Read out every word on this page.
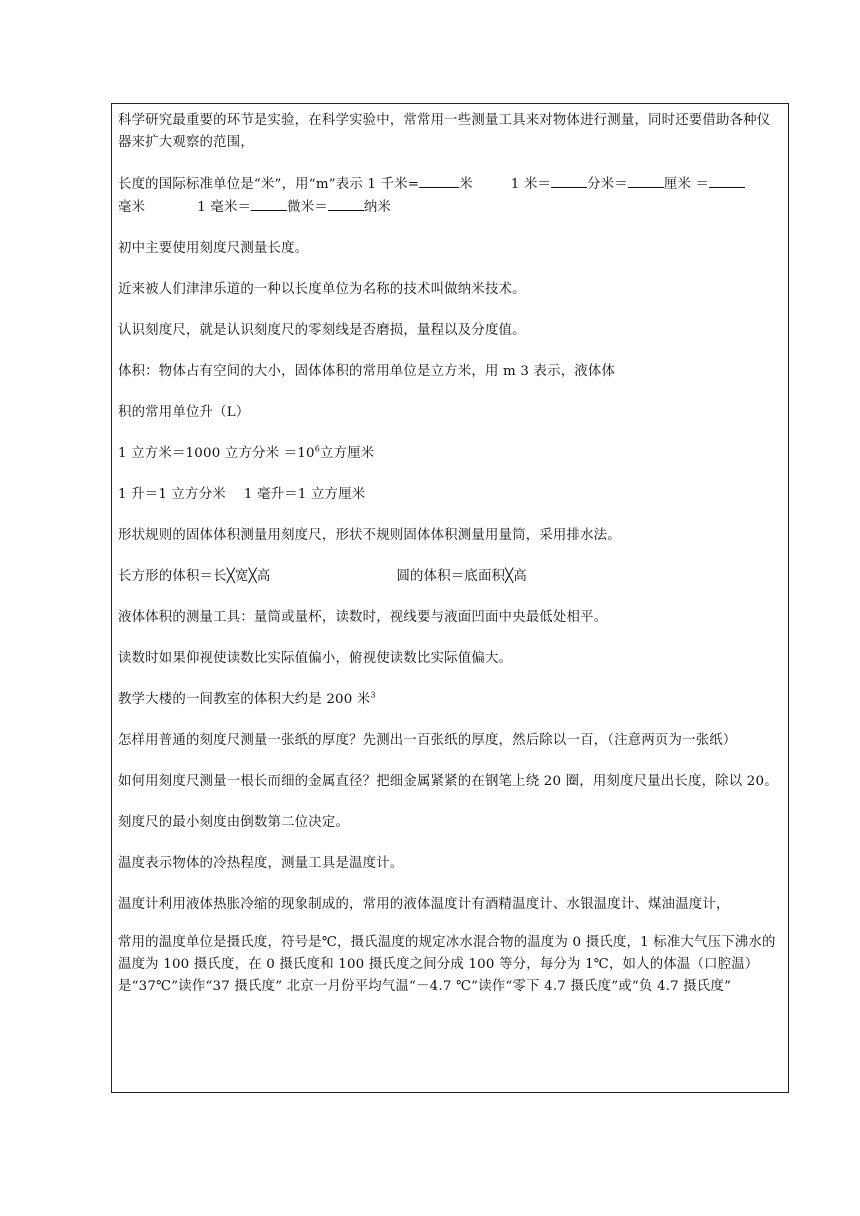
科学研究最重要的环节是实验，在科学实验中，常常用一些测量工具来对物体进行测量，同时还要借助各种仪器来扩大观察的范围，

长度的国际标准单位是“米”，用“m”表示 1 千米=	米	1 米＝	分米＝	厘米 ＝
毫米	1 毫米＝	微米＝	纳米

初中主要使用刻度尺测量长度。

近来被人们津津乐道的一种以长度单位为名称的技术叫做纳米技术。

认识刻度尺，就是认识刻度尺的零刻线是否磨损，量程以及分度值。

体积：物体占有空间的大小，固体体积的常用单位是立方米，用 m 3 表示，液体体

积的常用单位升（L）

1 立方米＝1000 立方分米 $=10^6$立方厘米

1 升＝1 立方分米 1 毫升＝1 立方厘米

形状规则的固体体积测量用刻度尺，形状不规则固体体积测量用量筒，采用排水法。

长方形的体积＝长╳宽╳高	圆的体积＝底面积╳高

液体体积的测量工具：量筒或量杯，读数时，视线要与液面凹面中央最低处相平。

读数时如果仰视使读数比实际值偏小，俯视使读数比实际值偏大。

教学大楼的一间教室的体积大约是 200 米$^3$

怎样用普通的刻度尺测量一张纸的厚度？先测出一百张纸的厚度，然后除以一百，（注意两页为一张纸）

如何用刻度尺测量一根长而细的金属直径？把细金属紧紧的在钢笔上绕 20 圈，用刻度尺量出长度，除以 20。

刻度尺的最小刻度由倒数第二位决定。

温度表示物体的冷热程度，测量工具是温度计。

温度计利用液体热胀冷缩的现象制成的，常用的液体温度计有酒精温度计、水银温度计、煤油温度计，

常用的温度单位是摄氏度，符号是℃，摄氏温度的规定冰水混合物的温度为 0 摄氏度，1 标准大气压下沸水的温度为 100 摄氏度，在 0 摄氏度和 100 摄氏度之间分成 100 等分，每分为 1℃，如人的体温（口腔温）是“37℃”读作“37 摄氏度” 北京一月份平均气温“－4.7 ℃”读作“零下 4.7 摄氏度”或“负 4.7 摄氏度”
